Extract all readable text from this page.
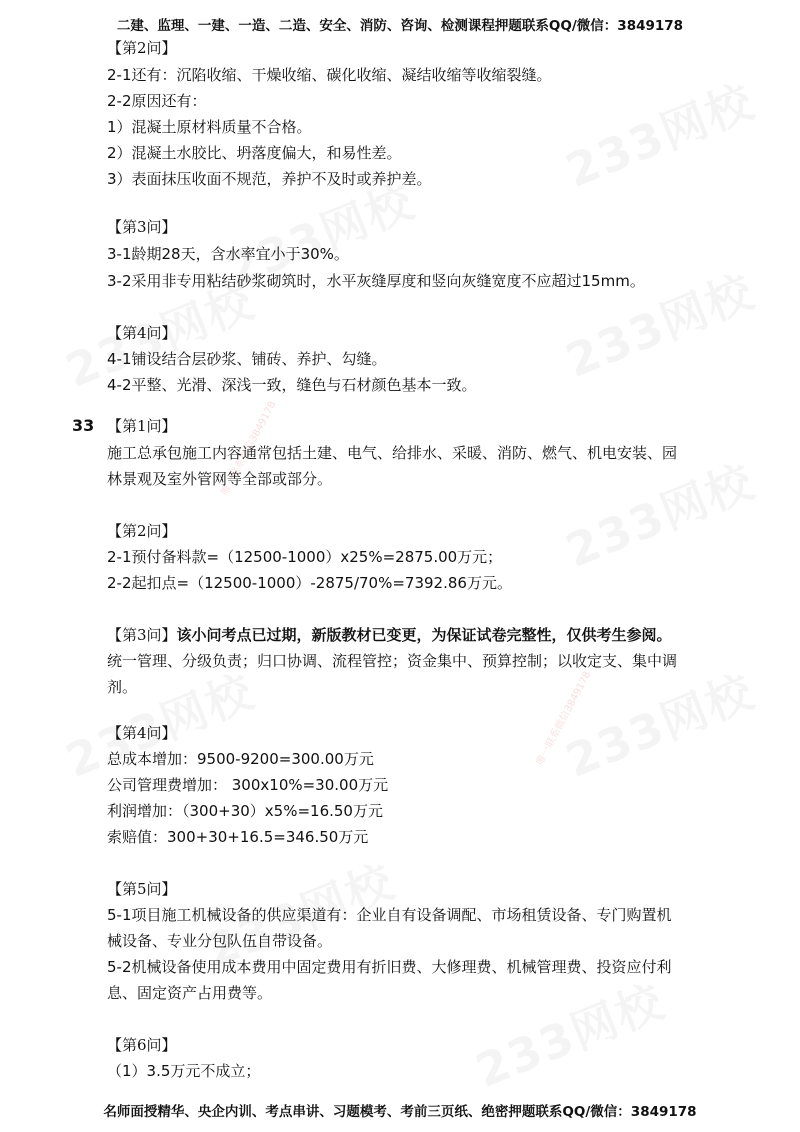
唯一联系微信3849178
唯一联系微信3849178
二建、监理、一建、一造、二造、安全、消防、咨询、检测课程押题联系QQ/微信：3849178
【第2问】
2-1还有：沉陷收缩、干燥收缩、碳化收缩、凝结收缩等收缩裂缝。
2-2原因还有：
1）混凝土原材料质量不合格。
2）混凝土水胶比、坍落度偏大，和易性差。
3）表面抹压收面不规范，养护不及时或养护差。
【第3问】
3-1龄期28天，含水率宜小于30%。
3-2采用非专用粘结砂浆砌筑时，水平灰缝厚度和竖向灰缝宽度不应超过15mm。
【第4问】
4-1铺设结合层砂浆、铺砖、养护、勾缝。
4-2平整、光滑、深浅一致，缝色与石材颜色基本一致。
33 【第1问】
施工总承包施工内容通常包括土建、电气、给排水、采暖、消防、燃气、机电安装、园
林景观及室外管网等全部或部分。
【第2问】
2-1预付备料款=（12500-1000）x25%=2875.00万元；
2-2起扣点=（12500-1000）-2875/70%=7392.86万元。
【第3问】该小问考点已过期，新版教材已变更，为保证试卷完整性，仅供考生参阅。
统一管理、分级负责；归口协调、流程管控；资金集中、预算控制；以收定支、集中调
剂。
【第4问】
总成本增加：9500-9200=300.00万元
公司管理费增加： 300x10%=30.00万元
利润增加：（300+30）x5%=16.50万元
索赔值：300+30+16.5=346.50万元
【第5问】
5-1项目施工机械设备的供应渠道有：企业自有设备调配、市场租赁设备、专门购置机
械设备、专业分包队伍自带设备。
5-2机械设备使用成本费用中固定费用有折旧费、大修理费、机械管理费、投资应付利
息、固定资产占用费等。
【第6问】
（1）3.5万元不成立；
名师面授精华、央企内训、考点串讲、习题模考、考前三页纸、绝密押题联系QQ/微信：3849178
